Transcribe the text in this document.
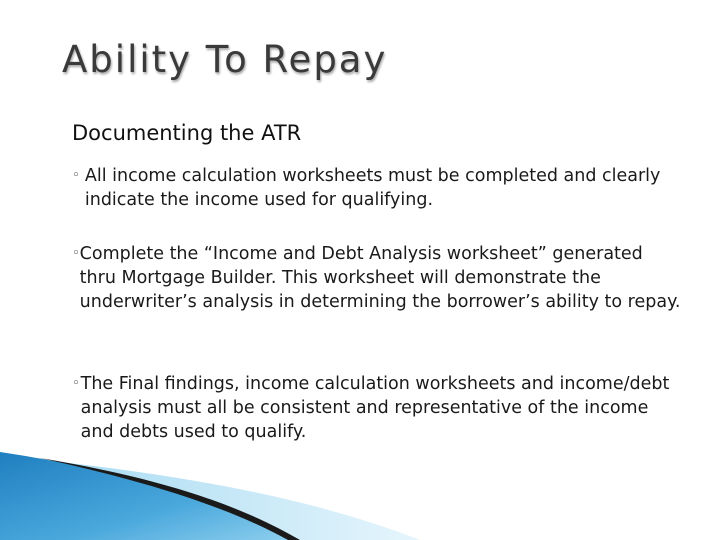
Ability To Repay
Documenting the ATR
◦ All income calculation worksheets must be completed and clearly indicate the income used for qualifying.
◦ Complete the “Income and Debt Analysis worksheet” generated thru Mortgage Builder. This worksheet will demonstrate the underwriter’s analysis in determining the borrower’s ability to repay.
◦ The Final findings, income calculation worksheets and income/debt analysis must all be consistent and representative of the income and debts used to qualify.
